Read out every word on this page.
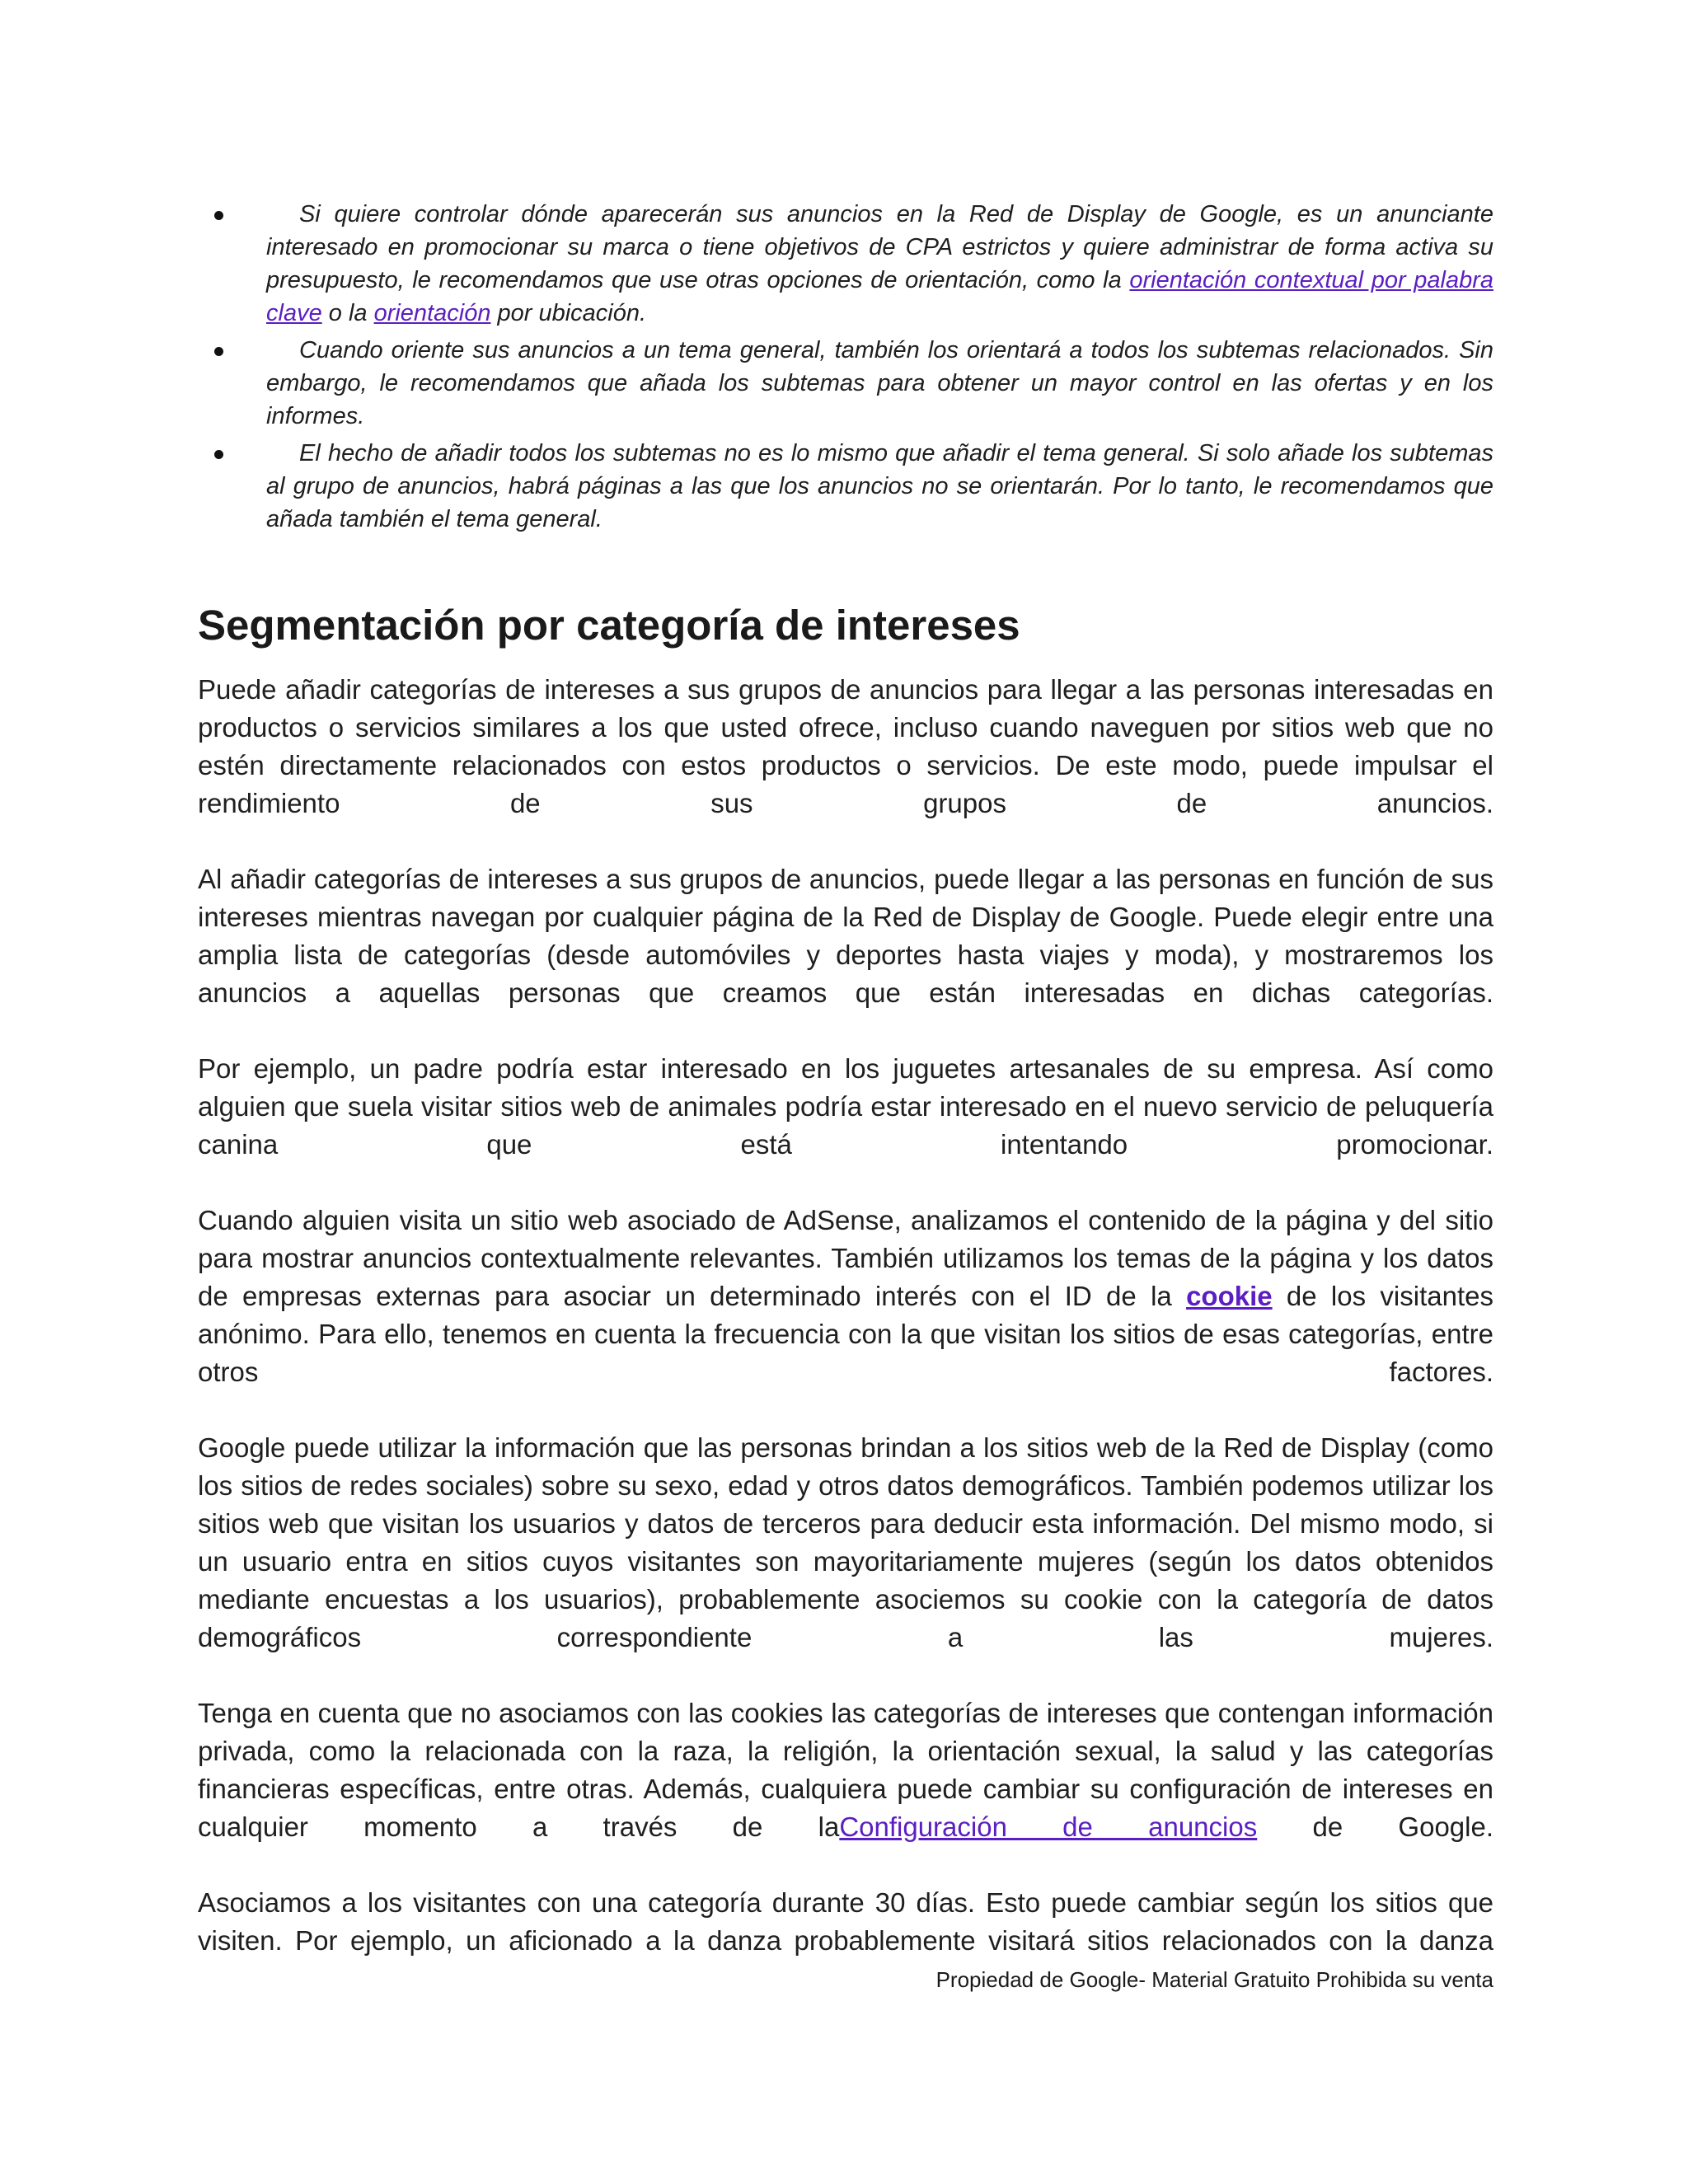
Si quiere controlar dónde aparecerán sus anuncios en la Red de Display de Google, es un anunciante interesado en promocionar su marca o tiene objetivos de CPA estrictos y quiere administrar de forma activa su presupuesto, le recomendamos que use otras opciones de orientación, como la orientación contextual por palabra clave o la orientación por ubicación.
Cuando oriente sus anuncios a un tema general, también los orientará a todos los subtemas relacionados. Sin embargo, le recomendamos que añada los subtemas para obtener un mayor control en las ofertas y en los informes.
El hecho de añadir todos los subtemas no es lo mismo que añadir el tema general. Si solo añade los subtemas al grupo de anuncios, habrá páginas a las que los anuncios no se orientarán. Por lo tanto, le recomendamos que añada también el tema general.
Segmentación por categoría de intereses

Puede añadir categorías de intereses a sus grupos de anuncios para llegar a las personas interesadas en productos o servicios similares a los que usted ofrece, incluso cuando naveguen por sitios web que no estén directamente relacionados con estos productos o servicios. De este modo, puede impulsar el rendimiento de sus grupos de anuncios.

Al añadir categorías de intereses a sus grupos de anuncios, puede llegar a las personas en función de sus intereses mientras navegan por cualquier página de la Red de Display de Google. Puede elegir entre una amplia lista de categorías (desde automóviles y deportes hasta viajes y moda), y mostraremos los anuncios a aquellas personas que creamos que están interesadas en dichas categorías.

Por ejemplo, un padre podría estar interesado en los juguetes artesanales de su empresa. Así como alguien que suela visitar sitios web de animales podría estar interesado en el nuevo servicio de peluquería canina que está intentando promocionar.

Cuando alguien visita un sitio web asociado de AdSense, analizamos el contenido de la página y del sitio para mostrar anuncios contextualmente relevantes. También utilizamos los temas de la página y los datos de empresas externas para asociar un determinado interés con el ID de la cookie de los visitantes anónimo. Para ello, tenemos en cuenta la frecuencia con la que visitan los sitios de esas categorías, entre otros factores.

Google puede utilizar la información que las personas brindan a los sitios web de la Red de Display (como los sitios de redes sociales) sobre su sexo, edad y otros datos demográficos. También podemos utilizar los sitios web que visitan los usuarios y datos de terceros para deducir esta información. Del mismo modo, si un usuario entra en sitios cuyos visitantes son mayoritariamente mujeres (según los datos obtenidos mediante encuestas a los usuarios), probablemente asociemos su cookie con la categoría de datos demográficos correspondiente a las mujeres.

Tenga en cuenta que no asociamos con las cookies las categorías de intereses que contengan información privada, como la relacionada con la raza, la religión, la orientación sexual, la salud y las categorías financieras específicas, entre otras. Además, cualquiera puede cambiar su configuración de intereses en cualquier momento a través de laConfiguración de anuncios de Google.

Asociamos a los visitantes con una categoría durante 30 días. Esto puede cambiar según los sitios que visiten. Por ejemplo, un aficionado a la danza probablemente visitará sitios relacionados con la danza

Propiedad de Google- Material Gratuito Prohibida su venta
